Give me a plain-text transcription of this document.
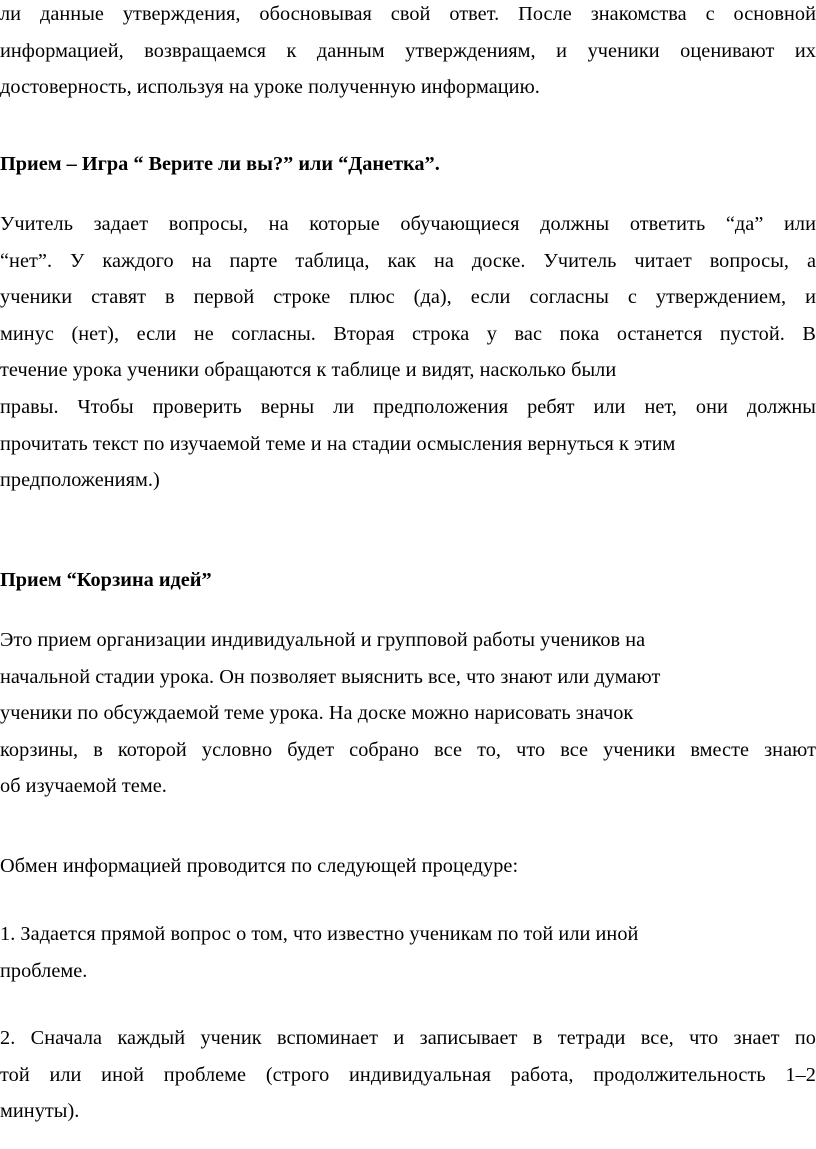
ли данные утверждения, обосновывая свой ответ. После знакомства с основной
информацией, возвращаемся к данным утверждениям, и ученики оценивают их
достоверность, используя на уроке полученную информацию.
Прием – Игра “ Верите ли вы?” или “Данетка”.
Учитель задает вопросы, на которые обучающиеся должны ответить “да” или
“нет”. У каждого на парте таблица, как на доске. Учитель читает вопросы, а
ученики ставят в первой строке плюс (да), если согласны с утверждением, и
минус (нет), если не согласны. Вторая строка у вас пока останется пустой. В
течение урока ученики обращаются к таблице и видят, насколько были
правы. Чтобы проверить верны ли предположения ребят или нет, они должны
прочитать текст по изучаемой теме и на стадии осмысления вернуться к этим
предположениям.)
Прием “Корзина идей”
Это прием организации индивидуальной и групповой работы учеников на
начальной стадии урока. Он позволяет выяснить все, что знают или думают
ученики по обсуждаемой теме урока. На доске можно нарисовать значок
корзины, в которой условно будет собрано все то, что все ученики вместе знают
об изучаемой теме.
Обмен информацией проводится по следующей процедуре:
1. Задается прямой вопрос о том, что известно ученикам по той или иной
проблеме.
2. Сначала каждый ученик вспоминает и записывает в тетради все, что знает по
той или иной проблеме (строго индивидуальная работа, продолжительность 1–2
минуты).
